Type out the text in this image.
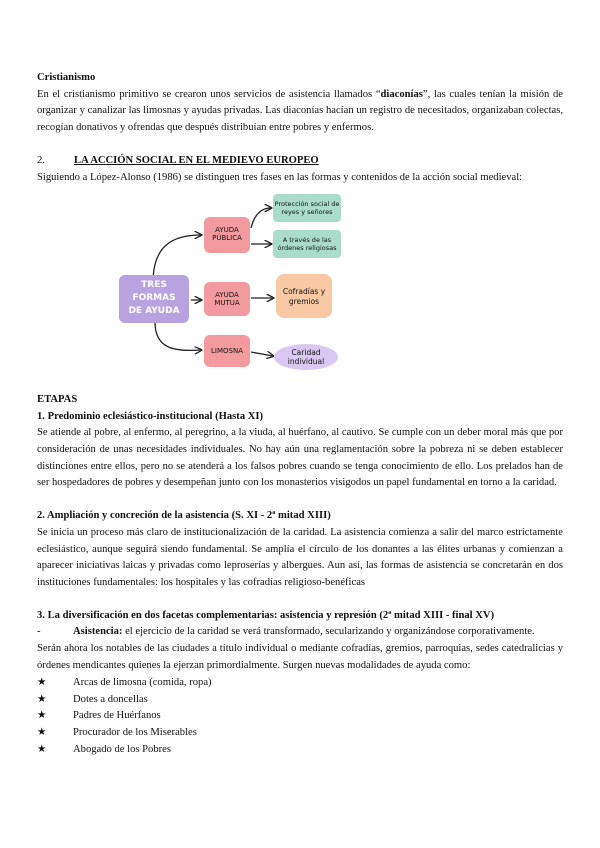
Cristianismo

En el cristianismo primitivo se crearon unos servicios de asistencia llamados “diaconías”, las cuales tenían la misión de organizar y canalizar las limosnas y ayudas privadas. Las diaconías hacían un registro de necesitados, organizaban colectas, recogían donativos y ofrendas que después distribuían entre pobres y enfermos.

2.	LA ACCIÓN SOCIAL EN EL MEDIEVO EUROPEO

Siguiendo a López-Alonso (1986) se distinguen tres fases en las formas y contenidos de la acción social medieval:

TRES
FORMAS
DE AYUDA
AYUDA
PÚBLICA
AYUDA
MUTUA
LIMOSNA
Protección social de
reyes y señores
A través de las
órdenes religiosas
Cofradías y
gremios
Caridad
individual

ETAPAS

1. Predominio eclesiástico-institucional (Hasta XI)

Se atiende al pobre, al enfermo, al peregrino, a la viuda, al huérfano, al cautivo. Se cumple con un deber moral más que por consideración de unas necesidades individuales. No hay aún una reglamentación sobre la pobreza ni se deben establecer distinciones entre ellos, pero no se atenderá a los falsos pobres cuando se tenga conocimiento de ello. Los prelados han de ser hospedadores de pobres y desempeñan junto con los monasterios visigodos un papel fundamental en torno a la caridad.

2. Ampliación y concreción de la asistencia (S. XI - 2ª mitad XIII)

Se inicia un proceso más claro de institucionalización de la caridad. La asistencia comienza a salir del marco estrictamente eclesiástico, aunque seguirá siendo fundamental. Se amplía el círculo de los donantes a las élites urbanas y comienzan a aparecer iniciativas laicas y privadas como leproserías y albergues. Aun así, las formas de asistencia se concretarán en dos instituciones fundamentales: los hospitales y las cofradías religioso-benéficas

3. La diversificación en dos facetas complementarias: asistencia y represión (2ª mitad XIII - final XV)

-	Asistencia: el ejercicio de la caridad se verá transformado, secularizando y organizándose corporativamente.

Serán ahora los notables de las ciudades a título individual o mediante cofradías, gremios, parroquias, sedes catedralicias y órdenes mendicantes quienes la ejerzan primordialmente. Surgen nuevas modalidades de ayuda como:

★	Arcas de limosna (comida, ropa)
★	Dotes a doncellas
★	Padres de Huérfanos
★	Procurador de los Miserables
★	Abogado de los Pobres
